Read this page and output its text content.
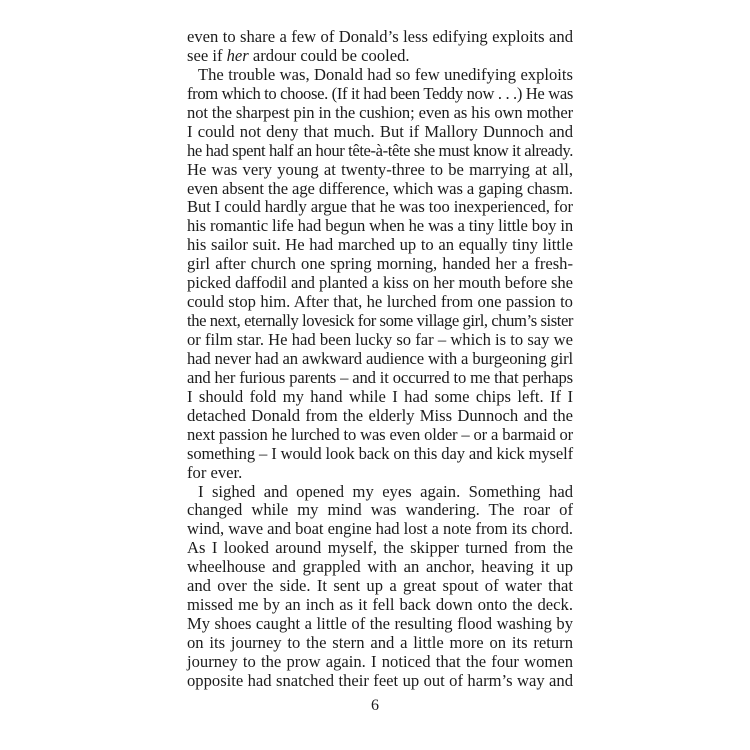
even to share a few of Donald’s less edifying exploits and
see if her ardour could be cooled.
The trouble was, Donald had so few unedifying exploits
from which to choose. (If it had been Teddy now . . .) He was
not the sharpest pin in the cushion; even as his own mother
I could not deny that much. But if Mallory Dunnoch and
he had spent half an hour tête-à-tête she must know it already.
He was very young at twenty-three to be marrying at all,
even absent the age difference, which was a gaping chasm.
But I could hardly argue that he was too inexperienced, for
his romantic life had begun when he was a tiny little boy in
his sailor suit. He had marched up to an equally tiny little
girl after church one spring morning, handed her a fresh-
picked daffodil and planted a kiss on her mouth before she
could stop him. After that, he lurched from one passion to
the next, eternally lovesick for some village girl, chum’s sister
or film star. He had been lucky so far – which is to say we
had never had an awkward audience with a burgeoning girl
and her furious parents – and it occurred to me that perhaps
I should fold my hand while I had some chips left. If I
detached Donald from the elderly Miss Dunnoch and the
next passion he lurched to was even older – or a barmaid or
something – I would look back on this day and kick myself
for ever.
I sighed and opened my eyes again. Something had
changed while my mind was wandering. The roar of
wind, wave and boat engine had lost a note from its chord.
As I looked around myself, the skipper turned from the
wheelhouse and grappled with an anchor, heaving it up
and over the side. It sent up a great spout of water that
missed me by an inch as it fell back down onto the deck.
My shoes caught a little of the resulting flood washing by
on its journey to the stern and a little more on its return
journey to the prow again. I noticed that the four women
opposite had snatched their feet up out of harm’s way and
6
